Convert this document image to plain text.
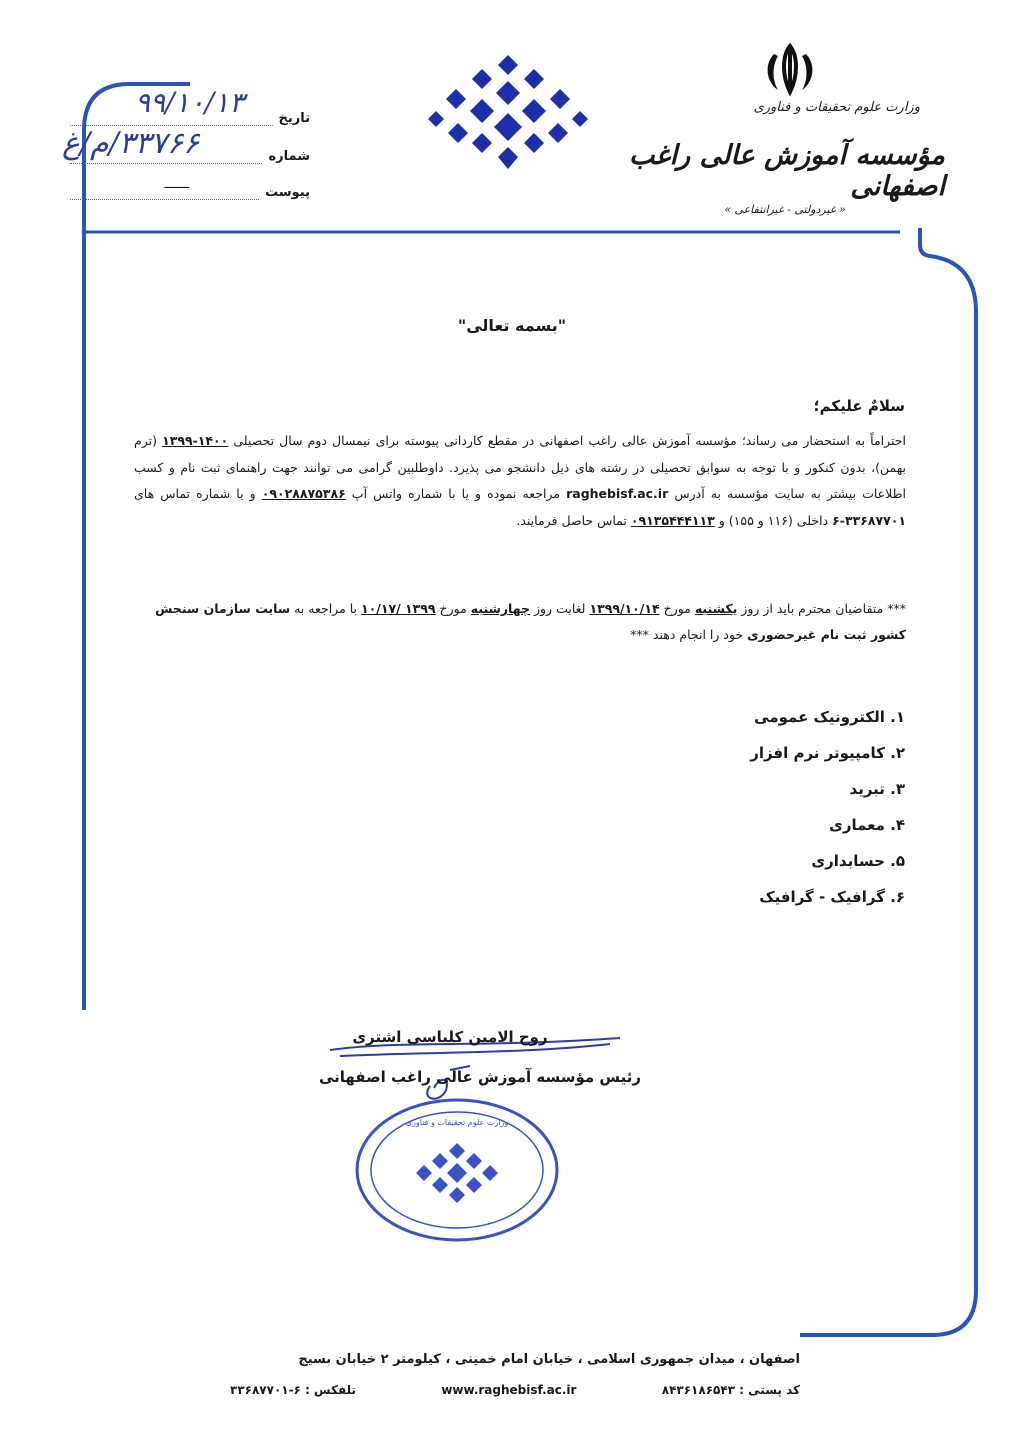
وزارت علوم تحقیقات و فناوری
مؤسسه آموزش عالی راغب اصفهانی
« غیردولتی - غیرانتفاعی »
تاریخ
شماره
پیوست
ـــــــ
۹۹/۱۰/۱۳
۳۳۷۶۶/م/غ
"بسمه تعالی"
سلامٌ علیکم؛
احتراماً به استحضار می رساند؛ مؤسسه آموزش عالی راغب اصفهانی در مقطع کاردانی پیوسته برای نیمسال دوم سال تحصیلی ۱۴۰۰-۱۳۹۹ (ترم بهمن)، بدون کنکور و با توجه به سوابق تحصیلی در رشته های ذیل دانشجو می پذیرد. داوطلبین گرامی می توانند جهت راهنمای ثبت نام و کسب اطلاعات بیشتر به سایت مؤسسه به آدرس raghebisf.ac.ir مراجعه نموده و یا با شماره واتس آپ ۰۹۰۲۸۸۷۵۳۸۶ و یا شماره تماس های ۳۳۶۸۷۷۰۱-۶ داخلی (۱۱۶ و ۱۵۵) و ۰۹۱۳۵۴۴۴۱۱۳ تماس حاصل فرمایند.
*** متقاضیان محترم باید از روز یکشنبه مورخ ۱۳۹۹/۱۰/۱۴ لغایت روز چهارشنبه مورخ ۱۳۹۹ /۱۰/۱۷ با مراجعه به سایت سازمان سنجش کشور ثبت نام غیرحضوری خود را انجام دهند ***
۱. الکترونیک عمومی
۲. کامپیوتر نرم افزار
۳. تبرید
۴. معماری
۵. حسابداری
۶. گرافیک - گرافیک
روح الامین کلباسی اشتری
رئیس مؤسسه آموزش عالی راغب اصفهانی
وزارت علوم تحقیقات و فناوری
اصفهان ، میدان جمهوری اسلامی ، خیابان امام خمینی ، کیلومتر ۲ خیابان بسیج
کد پستی : ۸۴۳۶۱۸۶۵۴۳
www.raghebisf.ac.ir
تلفکس : ۶-۳۳۶۸۷۷۰۱
